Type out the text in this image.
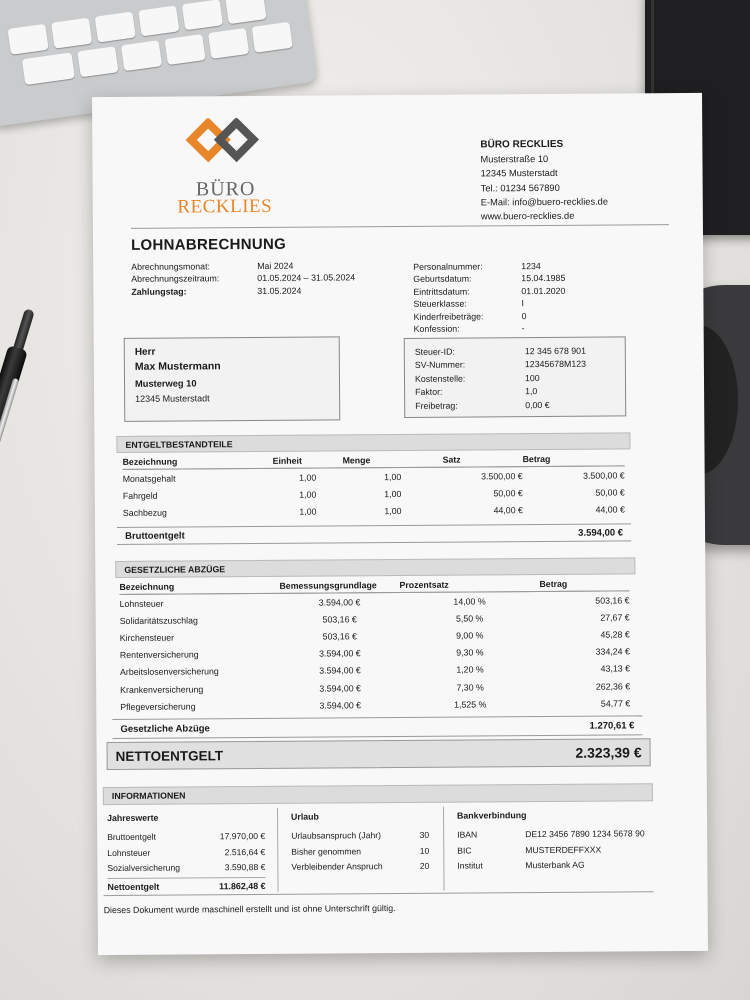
BÜRO
RECKLIES
BÜRO RECKLIES
Musterstraße 10
12345 Musterstadt
Tel.: 01234 567890
E-Mail: info@buero-recklies.de
www.buero-recklies.de
LOHNABRECHNUNG
Abrechnungsmonat:	Mai 2024
Abrechnungszeitraum:	01.05.2024 – 31.05.2024
Zahlungstag:	31.05.2024
Personalnummer:	1234
Geburtsdatum:	15.04.1985
Eintrittsdatum:	01.01.2020
Steuerklasse:	I
Kinderfreibeträge:	0
Konfession:	-
Herr
Max Mustermann
Musterweg 10
12345 Musterstadt
Steuer-ID:	12 345 678 901
SV-Nummer:	12345678M123
Kostenstelle:	100
Faktor:	1,0
Freibetrag:	0,00 €
ENTGELTBESTANDTEILE
Bezeichnung	Einheit	Menge	Satz	Betrag
Monatsgehalt	1,00	1,00	3.500,00 €	3.500,00 €
Fahrgeld	1,00	1,00	50,00 €	50,00 €
Sachbezug	1,00	1,00	44,00 €	44,00 €
Bruttoentgelt	3.594,00 €
GESETZLICHE ABZÜGE
Bezeichnung	Bemessungsgrundlage	Prozentsatz	Betrag
Lohnsteuer	3.594,00 €	14,00 %	503,16 €
Solidaritätszuschlag	503,16 €	5,50 %	27,67 €
Kirchensteuer	503,16 €	9,00 %	45,28 €
Rentenversicherung	3.594,00 €	9,30 %	334,24 €
Arbeitslosenversicherung	3.594,00 €	1,20 %	43,13 €
Krankenversicherung	3.594,00 €	7,30 %	262,36 €
Pflegeversicherung	3.594,00 €	1,525 %	54,77 €
Gesetzliche Abzüge	1.270,61 €
NETTOENTGELT	2.323,39 €
INFORMATIONEN
Jahreswerte
Bruttoentgelt	17.970,00 €
Lohnsteuer	2.516,64 €
Sozialversicherung	3.590,88 €
Nettoentgelt	11.862,48 €
Urlaub
Urlaubsanspruch (Jahr)	30
Bisher genommen	10
Verbleibender Anspruch	20
Bankverbindung
IBAN	DE12 3456 7890 1234 5678 90
BIC	MUSTERDEFFXXX
Institut	Musterbank AG
Dieses Dokument wurde maschinell erstellt und ist ohne Unterschrift gültig.
